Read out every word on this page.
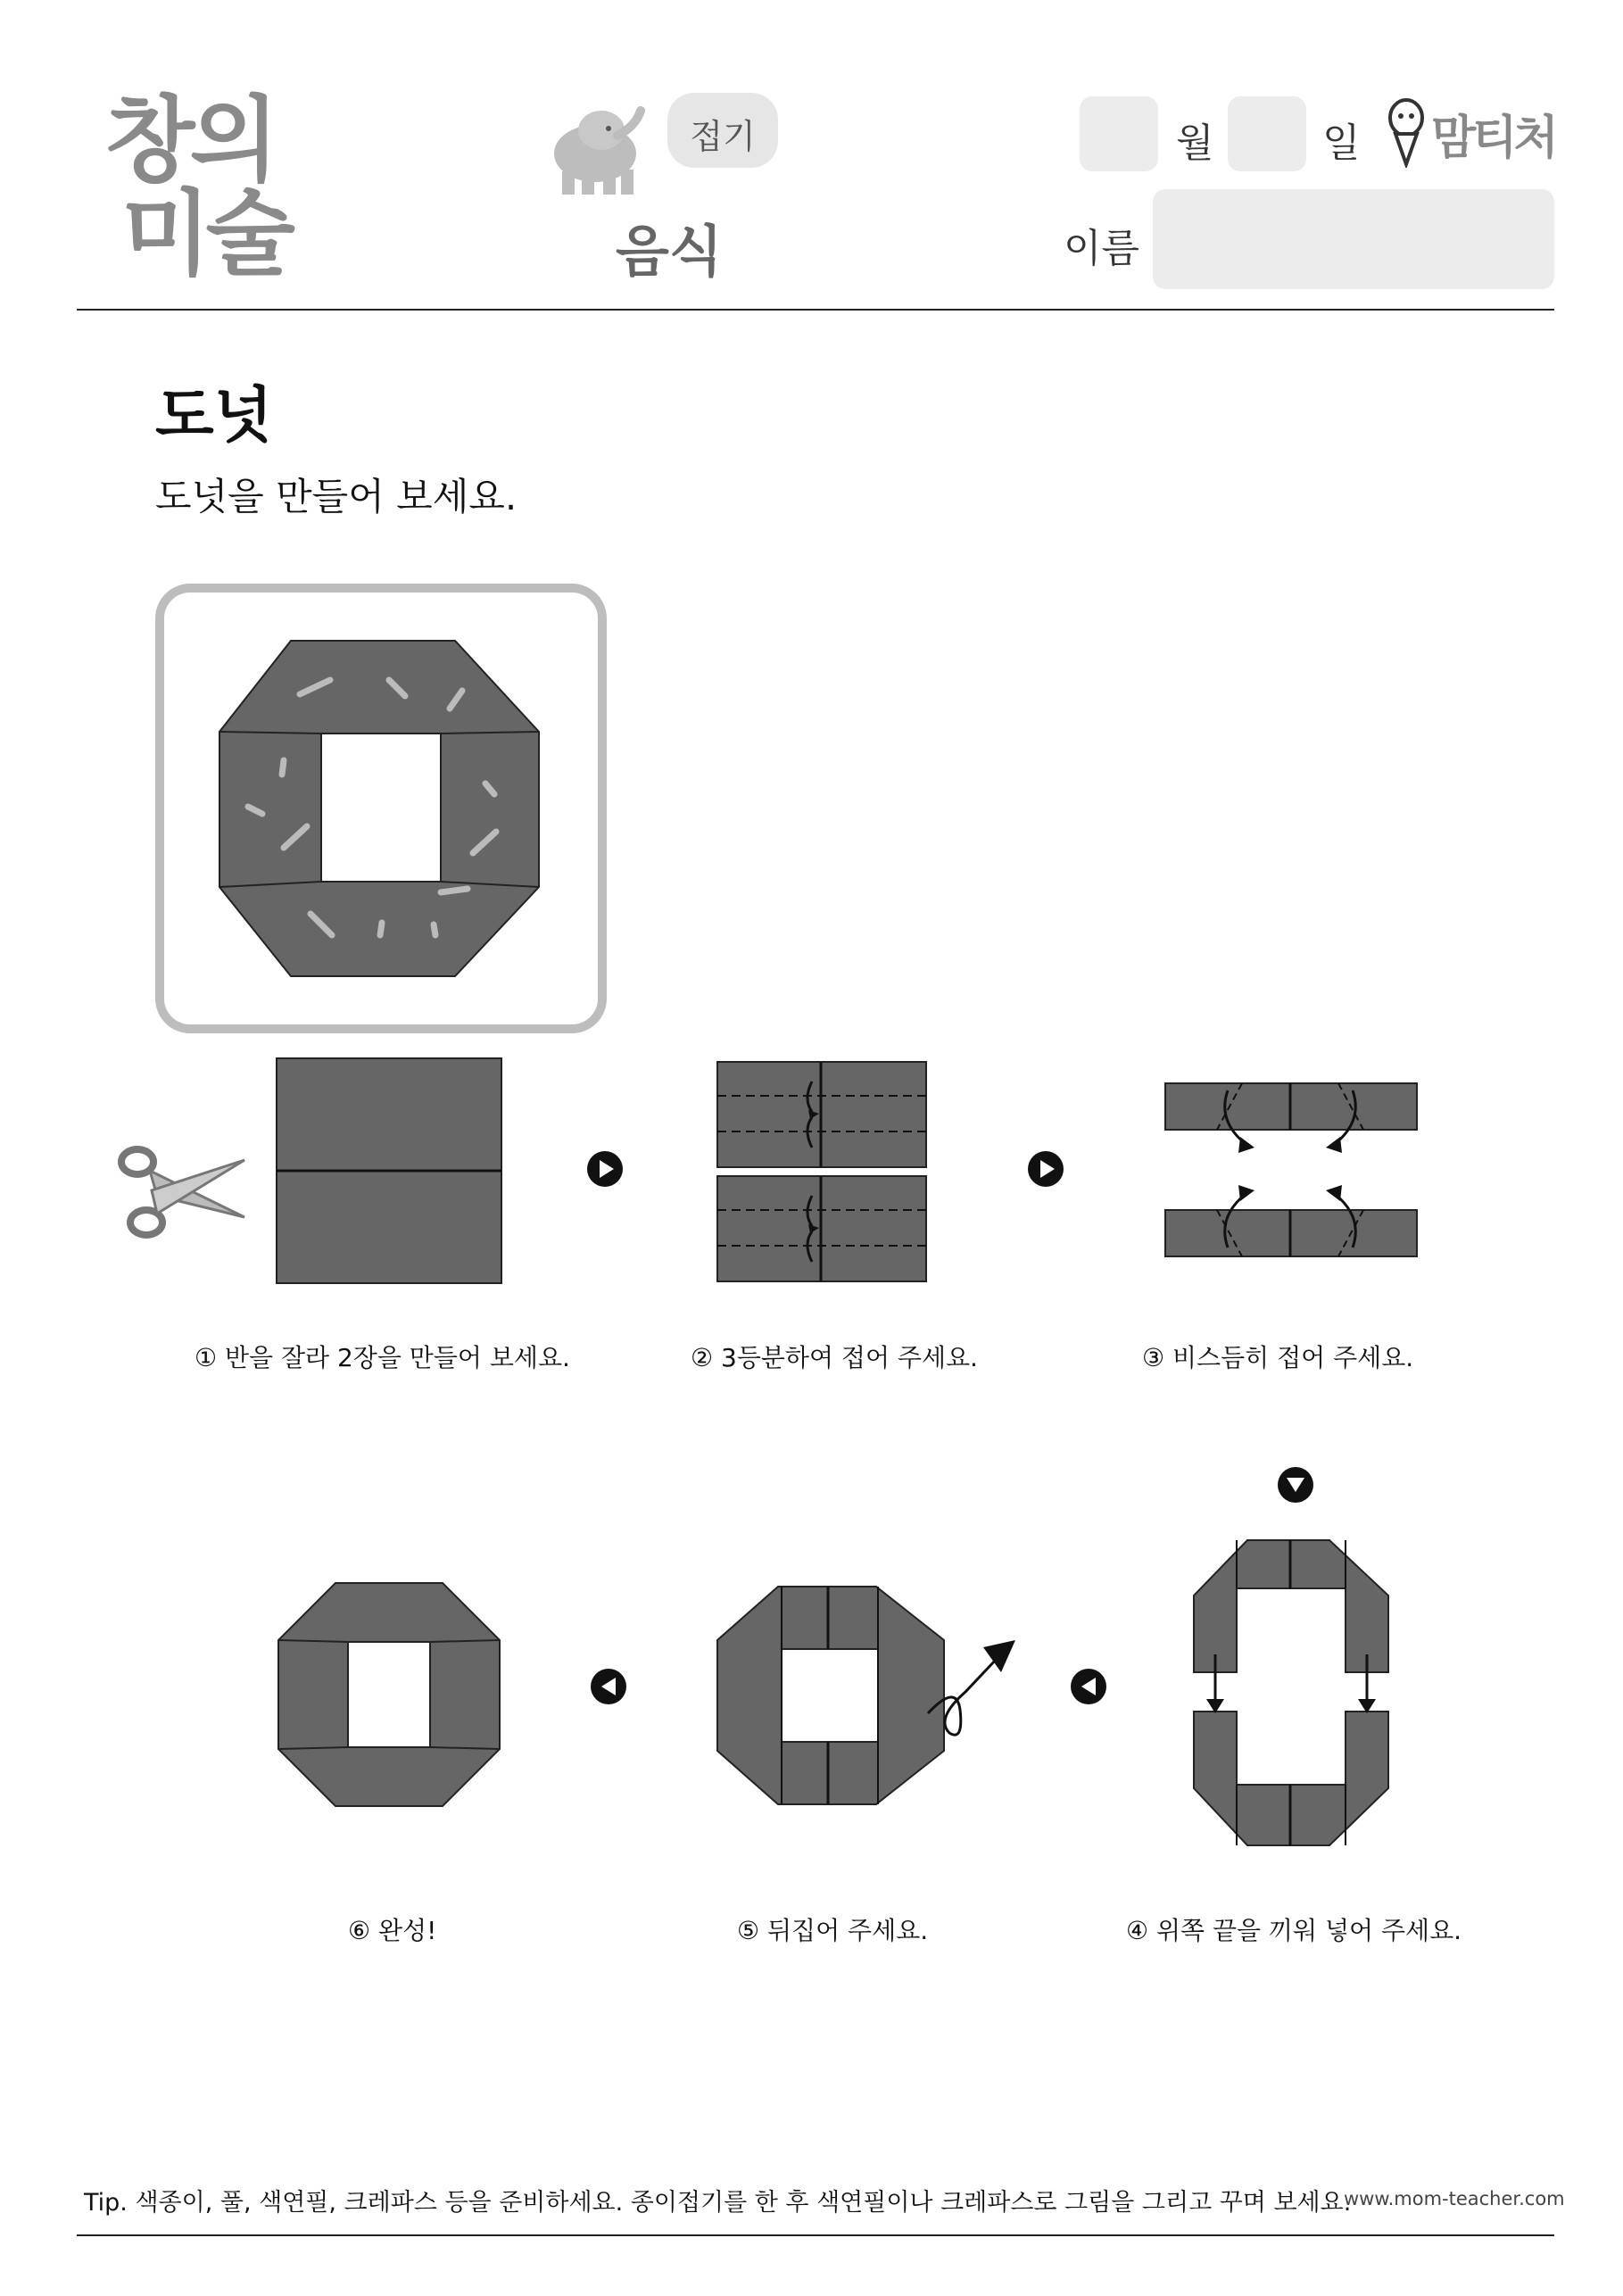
창의
미술
접기
음식
월	일 맘티처
이름
도넛
도넛을 만들어 보세요.
① 반을 잘라 2장을 만들어 보세요.	② 3등분하여 접어 주세요.	③ 비스듬히 접어 주세요.
⑥ 완성!	⑤ 뒤집어 주세요.	④ 위쪽 끝을 끼워 넣어 주세요.
Tip. 색종이, 풀, 색연필, 크레파스 등을 준비하세요. 종이접기를 한 후 색연필이나 크레파스로 그림을 그리고 꾸며 보세요.
www.mom-teacher.com
